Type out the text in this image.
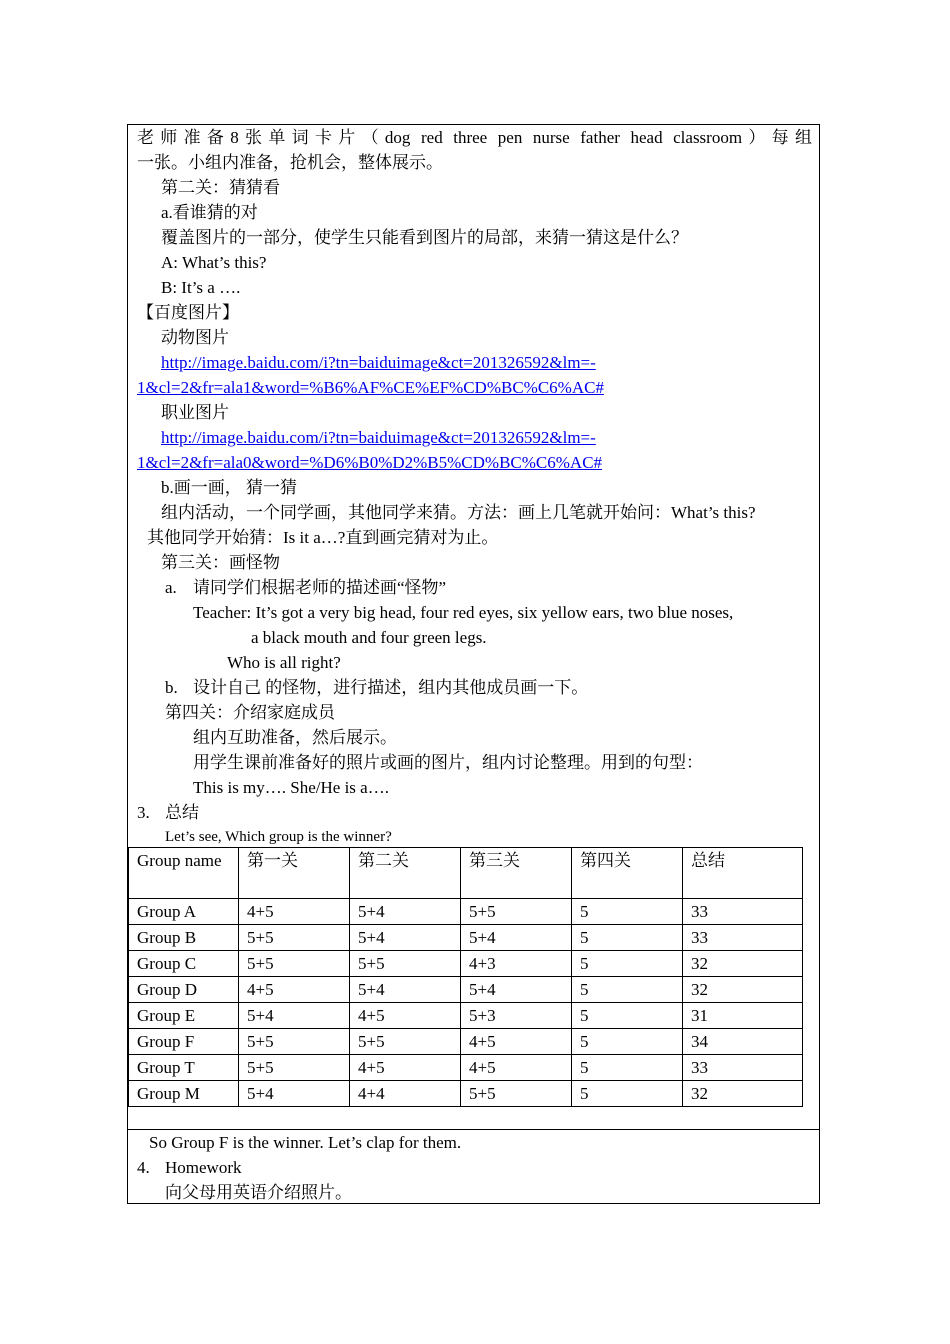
老师准备8张单词卡片（dog red three pen nurse father head classroom）每组
一张。小组内准备，抢机会，整体展示。
第二关：猜猜看
a.看谁猜的对
覆盖图片的一部分，使学生只能看到图片的局部，来猜一猜这是什么？
A: What’s this?
B: It’s a ….
【百度图片】
动物图片
http://image.baidu.com/i?tn=baiduimage&ct=201326592&lm=-
1&cl=2&fr=ala1&word=%B6%AF%CE%EF%CD%BC%C6%AC#
职业图片
http://image.baidu.com/i?tn=baiduimage&ct=201326592&lm=-
1&cl=2&fr=ala0&word=%D6%B0%D2%B5%CD%BC%C6%AC#
b.画一画， 猜一猜
组内活动，一个同学画，其他同学来猜。方法：画上几笔就开始问：What’s this?
其他同学开始猜：Is it a…?直到画完猜对为止。
第三关：画怪物
a. 请同学们根据老师的描述画“怪物”
Teacher: It’s got a very big head, four red eyes, six yellow ears, two blue noses,
a black mouth and four green legs.
Who is all right?
b. 设计自己 的怪物，进行描述，组内其他成员画一下。
第四关：介绍家庭成员
组内互助准备，然后展示。
用学生课前准备好的照片或画的图片，组内讨论整理。用到的句型：
This is my…. She/He is a….
3. 总结
Let’s see, Which group is the winner?
Group name	第一关	第二关	第三关	第四关	总结
Group A	4+5	5+4	5+5	5	33
Group B	5+5	5+4	5+4	5	33
Group C	5+5	5+5	4+3	5	32
Group D	4+5	5+4	5+4	5	32
Group E	5+4	4+5	5+3	5	31
Group F	5+5	5+5	4+5	5	34
Group T	5+5	4+5	4+5	5	33
Group M	5+4	4+4	5+5	5	32
So Group F is the winner. Let’s clap for them.
4. Homework
向父母用英语介绍照片。
